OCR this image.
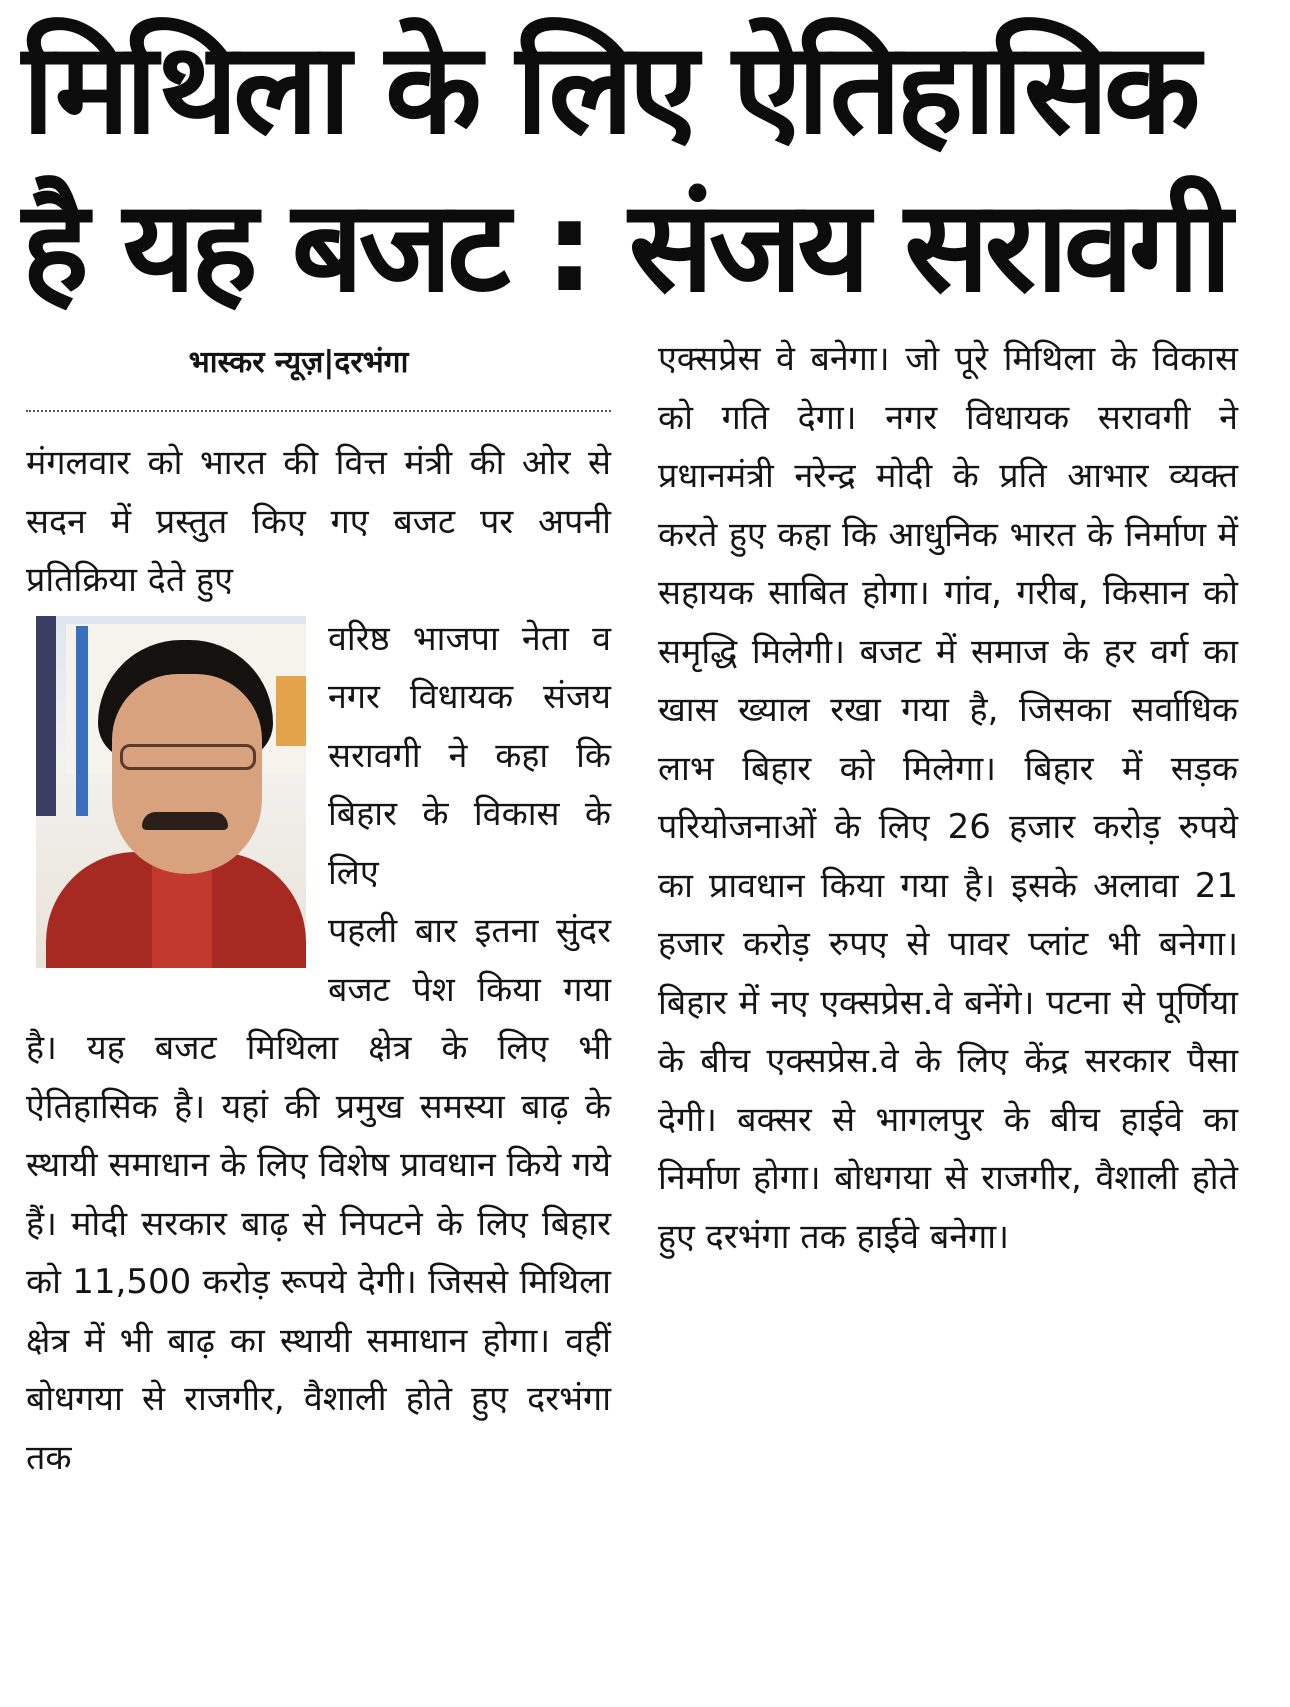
मिथिला के लिए ऐतिहासिक
है यह बजट : संजय सरावगी
भास्कर न्यूज़|दरभंगा

मंगलवार को भारत की वित्त मंत्री की ओर से सदन में प्रस्तुत किए गए बजट पर अपनी प्रतिक्रिया देते हुए

वरिष्ठ भाजपा नेता व नगर विधायक संजय सरावगी ने कहा कि बिहार के विकास के लिए

पहली बार इतना सुंदर बजट पेश किया गया है। यह बजट मिथिला क्षेत्र के लिए भी ऐतिहासिक है। यहां की प्रमुख समस्या बाढ़ के स्थायी समाधान के लिए विशेष प्रावधान किये गये हैं। मोदी सरकार बाढ़ से निपटने के लिए बिहार को 11,500 करोड़ रूपये देगी। जिससे मिथिला क्षेत्र में भी बाढ़ का स्थायी समाधान होगा। वहीं बोधगया से राजगीर, वैशाली होते हुए दरभंगा तक

एक्सप्रेस वे बनेगा। जो पूरे मिथिला के विकास को गति देगा। नगर विधायक सरावगी ने प्रधानमंत्री नरेन्द्र मोदी के प्रति आभार व्यक्त करते हुए कहा कि आधुनिक भारत के निर्माण में सहायक साबित होगा। गांव, गरीब, किसान को समृद्धि मिलेगी। बजट में समाज के हर वर्ग का खास ख्याल रखा गया है, जिसका सर्वाधिक लाभ बिहार को मिलेगा। बिहार में सड़क परियोजनाओं के लिए 26 हजार करोड़ रुपये का प्रावधान किया गया है। इसके अलावा 21 हजार करोड़ रुपए से पावर प्लांट भी बनेगा। बिहार में नए एक्सप्रेस.वे बनेंगे। पटना से पूर्णिया के बीच एक्सप्रेस.वे के लिए केंद्र सरकार पैसा देगी। बक्सर से भागलपुर के बीच हाईवे का निर्माण होगा। बोधगया से राजगीर, वैशाली होते हुए दरभंगा तक हाईवे बनेगा।
